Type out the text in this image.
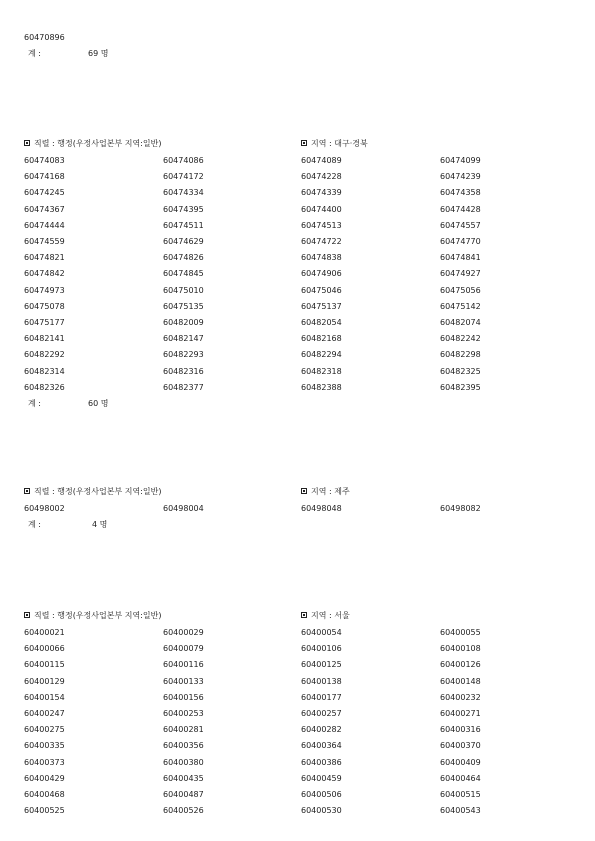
60470896
계 :	69 명
직렬 : 행정(우정사업본부 지역:일반)	지역 : 대구·경북
60474083	60474086	60474089	60474099
60474168	60474172	60474228	60474239
60474245	60474334	60474339	60474358
60474367	60474395	60474400	60474428
60474444	60474511	60474513	60474557
60474559	60474629	60474722	60474770
60474821	60474826	60474838	60474841
60474842	60474845	60474906	60474927
60474973	60475010	60475046	60475056
60475078	60475135	60475137	60475142
60475177	60482009	60482054	60482074
60482141	60482147	60482168	60482242
60482292	60482293	60482294	60482298
60482314	60482316	60482318	60482325
60482326	60482377	60482388	60482395
계 :	60 명
직렬 : 행정(우정사업본부 지역:일반)	지역 : 제주
60498002	60498004	60498048	60498082
계 :	4 명
직렬 : 행정(우정사업본부 지역:일반)	지역 : 서울
60400021	60400029	60400054	60400055
60400066	60400079	60400106	60400108
60400115	60400116	60400125	60400126
60400129	60400133	60400138	60400148
60400154	60400156	60400177	60400232
60400247	60400253	60400257	60400271
60400275	60400281	60400282	60400316
60400335	60400356	60400364	60400370
60400373	60400380	60400386	60400409
60400429	60400435	60400459	60400464
60400468	60400487	60400506	60400515
60400525	60400526	60400530	60400543
